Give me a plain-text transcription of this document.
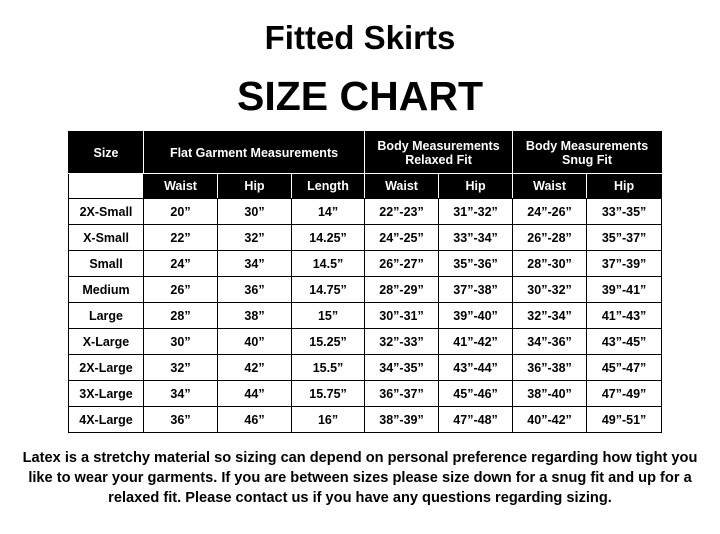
Fitted Skirts
SIZE CHART
Size	Flat Garment Measurements			Body Measurements Relaxed Fit		Body Measurements Snug Fit	
	Waist	Hip	Length	Waist	Hip	Waist	Hip
2X-Small	20”	30”	14”	22”-23”	31”-32”	24”-26”	33”-35”
X-Small	22”	32”	14.25”	24”-25”	33”-34”	26”-28”	35”-37”
Small	24”	34”	14.5”	26”-27”	35”-36”	28”-30”	37”-39”
Medium	26”	36”	14.75”	28”-29”	37”-38”	30”-32”	39”-41”
Large	28”	38”	15”	30”-31”	39”-40”	32”-34”	41”-43”
X-Large	30”	40”	15.25”	32”-33”	41”-42”	34”-36”	43”-45”
2X-Large	32”	42”	15.5”	34”-35”	43”-44”	36”-38”	45”-47”
3X-Large	34”	44”	15.75”	36”-37”	45”-46”	38”-40”	47”-49”
4X-Large	36”	46”	16”	38”-39”	47”-48”	40”-42”	49”-51”
Latex is a stretchy material so sizing can depend on personal preference regarding how tight you like to wear your garments. If you are between sizes please size down for a snug fit and up for a relaxed fit. Please contact us if you have any questions regarding sizing.
